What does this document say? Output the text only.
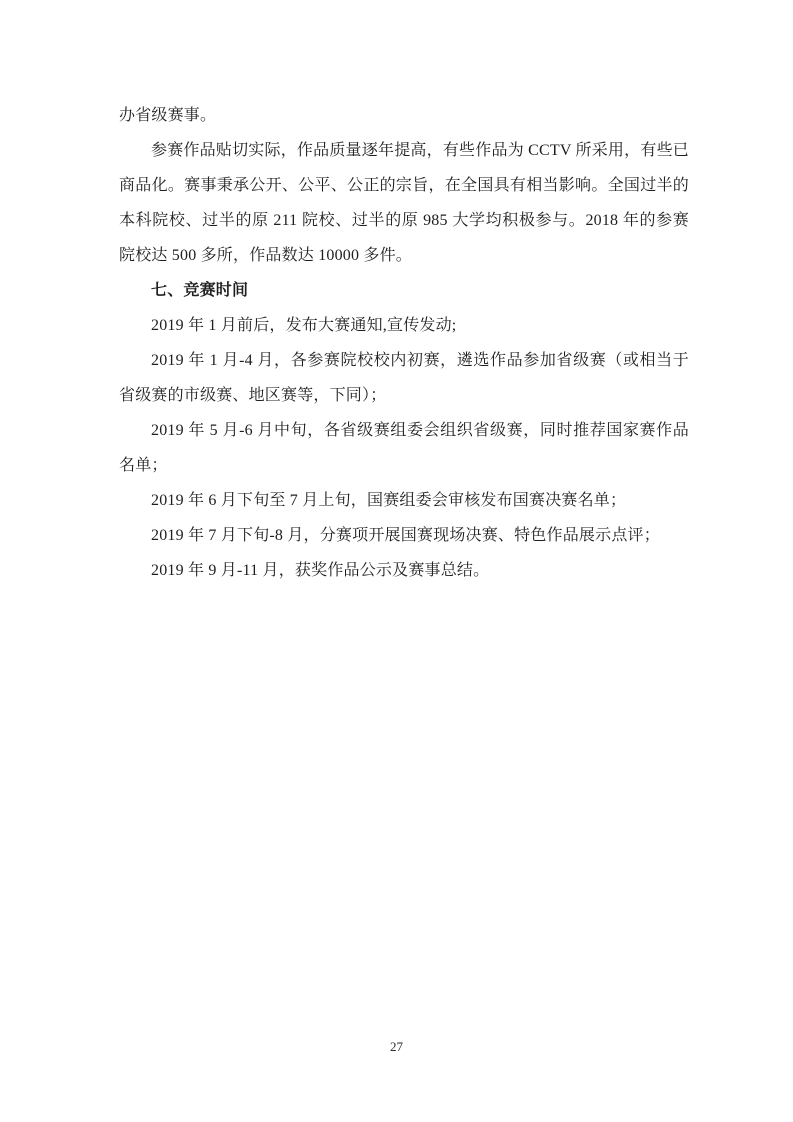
办省级赛事。

参赛作品贴切实际，作品质量逐年提高，有些作品为 CCTV 所采用，有些已商品化。赛事秉承公开、公平、公正的宗旨，在全国具有相当影响。全国过半的本科院校、过半的原 211 院校、过半的原 985 大学均积极参与。2018 年的参赛院校达 500 多所，作品数达 10000 多件。

七、竞赛时间

2019 年 1 月前后，发布大赛通知,宣传发动;

2019 年 1 月-4 月，各参赛院校校内初赛，遴选作品参加省级赛（或相当于省级赛的市级赛、地区赛等，下同）；

2019 年 5 月-6 月中旬，各省级赛组委会组织省级赛，同时推荐国家赛作品名单；

2019 年 6 月下旬至 7 月上旬，国赛组委会审核发布国赛决赛名单；

2019 年 7 月下旬-8 月，分赛项开展国赛现场决赛、特色作品展示点评；

2019 年 9 月-11 月，获奖作品公示及赛事总结。

27
